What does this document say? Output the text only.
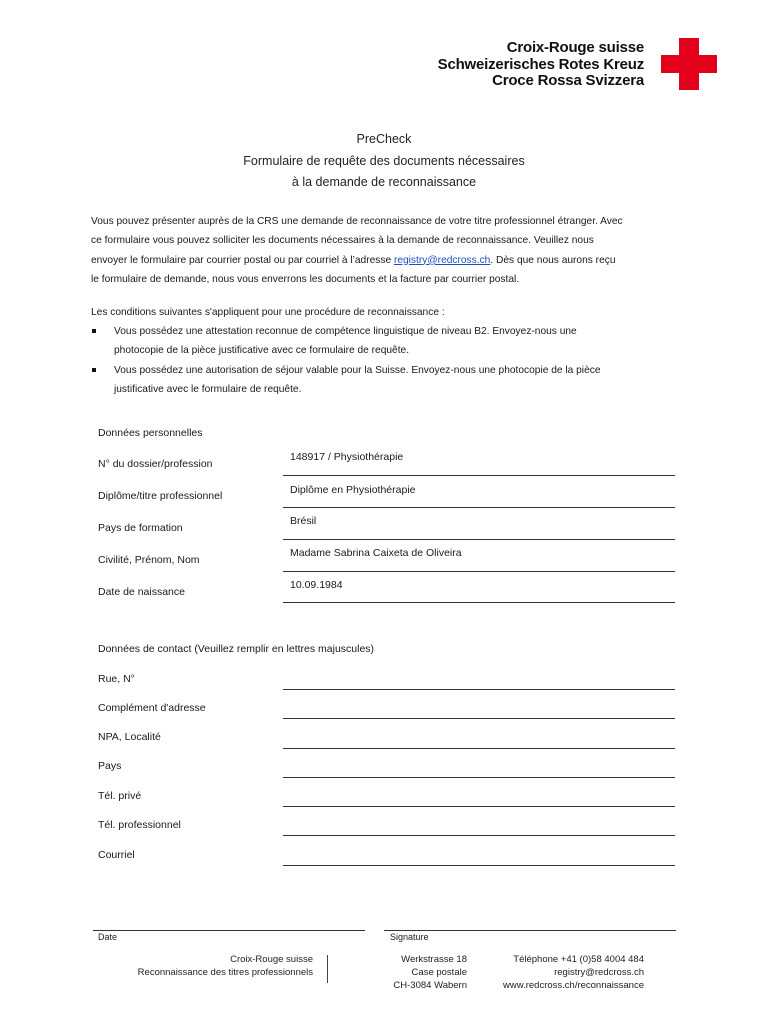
Croix-Rouge suisse
Schweizerisches Rotes Kreuz
Croce Rossa Svizzera
PreCheck
Formulaire de requête des documents nécessaires
à la demande de reconnaissance
Vous pouvez présenter auprès de la CRS une demande de reconnaissance de votre titre professionnel étranger. Avec
ce formulaire vous pouvez solliciter les documents nécessaires à la demande de reconnaissance. Veuillez nous
envoyer le formulaire par courrier postal ou par courriel à l’adresse registry@redcross.ch. Dès que nous aurons reçu
le formulaire de demande, nous vous enverrons les documents et la facture par courrier postal.
Les conditions suivantes s'appliquent pour une procédure de reconnaissance :
Vous possédez une attestation reconnue de compétence linguistique de niveau B2. Envoyez-nous une
photocopie de la pièce justificative avec ce formulaire de requête.
Vous possédez une autorisation de séjour valable pour la Suisse. Envoyez-nous une photocopie de la pièce
justificative avec le formulaire de requête.
Données personnelles
N° du dossier/profession
148917 / Physiothérapie
Diplôme/titre professionnel	Diplôme en Physiothérapie
Pays de formation
Brésil
Civilité, Prénom, Nom
Madame Sabrina Caixeta de Oliveira
Date de naissance
10.09.1984
Données de contact (Veuillez remplir en lettres majuscules)
Rue, N°
Complément d'adresse
NPA, Localité
Pays
Tél. privé
Tél. professionnel
Courriel
Date	Signature
Croix-Rouge suisse
Reconnaissance des titres professionnels
Werkstrasse 18
Case postale
CH-3084 Wabern
Téléphone +41 (0)58 4004 484
registry@redcross.ch
www.redcross.ch/reconnaissance
